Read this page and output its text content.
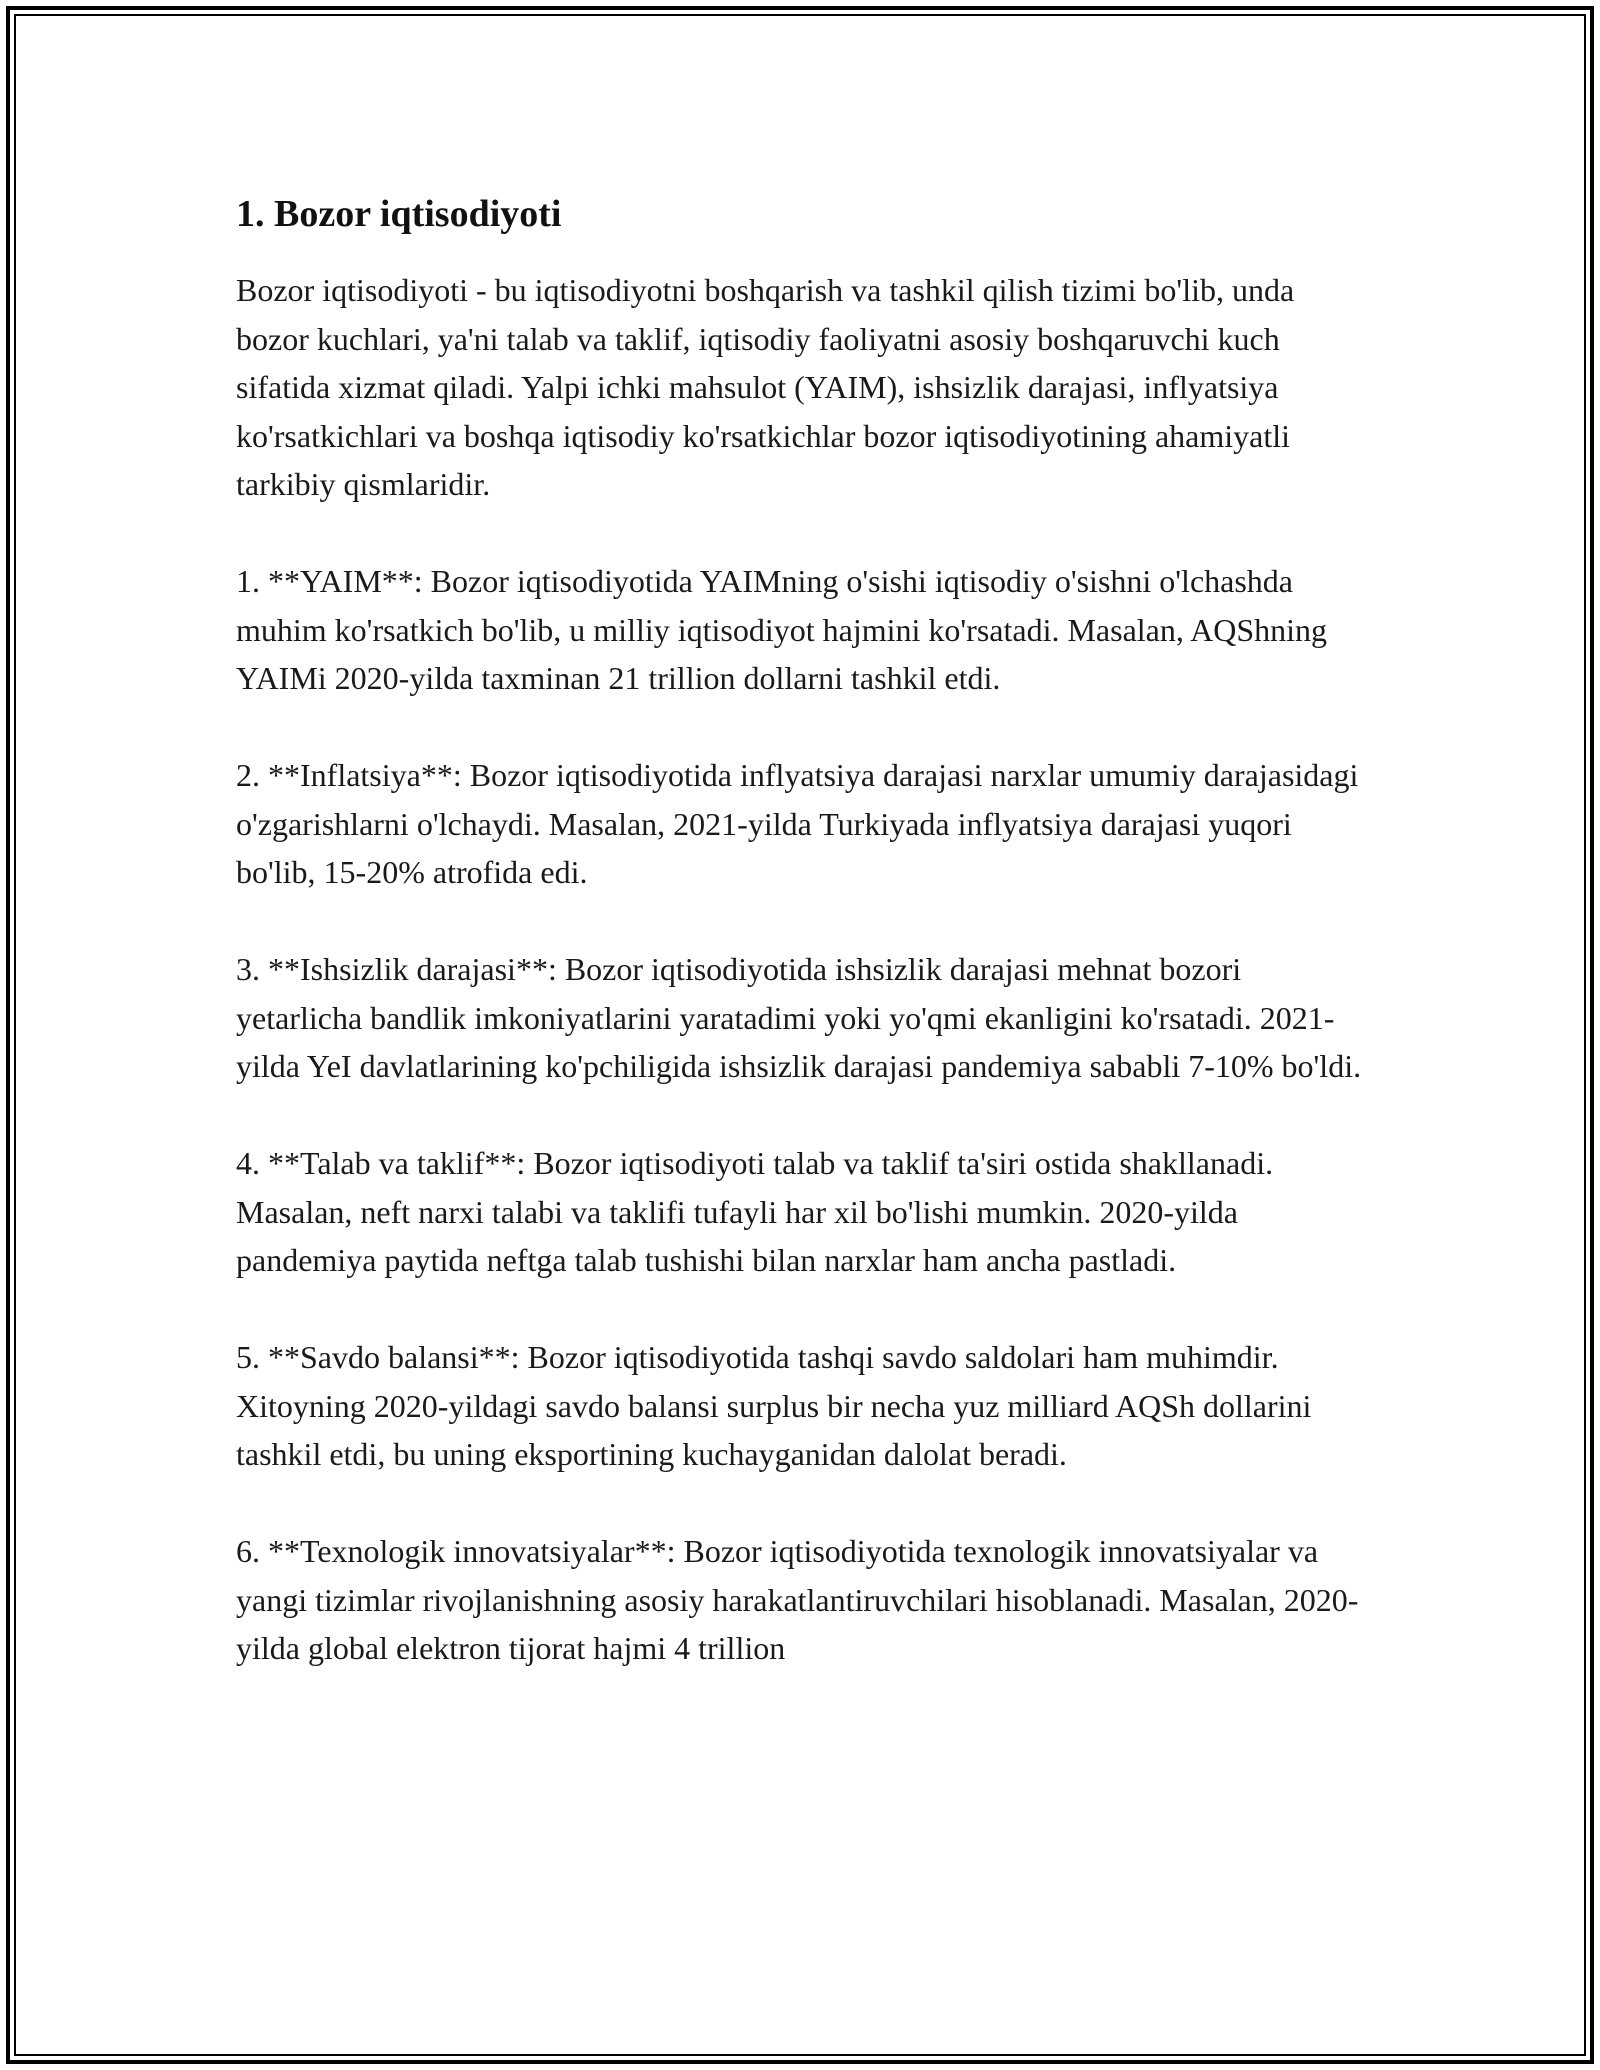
1. Bozor iqtisodiyoti

Bozor iqtisodiyoti - bu iqtisodiyotni boshqarish va tashkil qilish tizimi bo'lib, unda bozor kuchlari, ya'ni talab va taklif, iqtisodiy faoliyatni asosiy boshqaruvchi kuch sifatida xizmat qiladi. Yalpi ichki mahsulot (YAIM), ishsizlik darajasi, inflyatsiya ko'rsatkichlari va boshqa iqtisodiy ko'rsatkichlar bozor iqtisodiyotining ahamiyatli tarkibiy qismlaridir.

1. **YAIM**: Bozor iqtisodiyotida YAIMning o'sishi iqtisodiy o'sishni o'lchashda muhim ko'rsatkich bo'lib, u milliy iqtisodiyot hajmini ko'rsatadi. Masalan, AQShning YAIMi 2020-yilda taxminan 21 trillion dollarni tashkil etdi.

2. **Inflatsiya**: Bozor iqtisodiyotida inflyatsiya darajasi narxlar umumiy darajasidagi o'zgarishlarni o'lchaydi. Masalan, 2021-yilda Turkiyada inflyatsiya darajasi yuqori bo'lib, 15-20% atrofida edi.

3. **Ishsizlik darajasi**: Bozor iqtisodiyotida ishsizlik darajasi mehnat bozori yetarlicha bandlik imkoniyatlarini yaratadimi yoki yo'qmi ekanligini ko'rsatadi. 2021-yilda YeI davlatlarining ko'pchiligida ishsizlik darajasi pandemiya sababli 7-10% bo'ldi.

4. **Talab va taklif**: Bozor iqtisodiyoti talab va taklif ta'siri ostida shakllanadi. Masalan, neft narxi talabi va taklifi tufayli har xil bo'lishi mumkin. 2020-yilda pandemiya paytida neftga talab tushishi bilan narxlar ham ancha pastladi.

5. **Savdo balansi**: Bozor iqtisodiyotida tashqi savdo saldolari ham muhimdir. Xitoyning 2020-yildagi savdo balansi surplus bir necha yuz milliard AQSh dollarini tashkil etdi, bu uning eksportining kuchayganidan dalolat beradi.

6. **Texnologik innovatsiyalar**: Bozor iqtisodiyotida texnologik innovatsiyalar va yangi tizimlar rivojlanishning asosiy harakatlantiruvchilari hisoblanadi. Masalan, 2020-yilda global elektron tijorat hajmi 4 trillion
